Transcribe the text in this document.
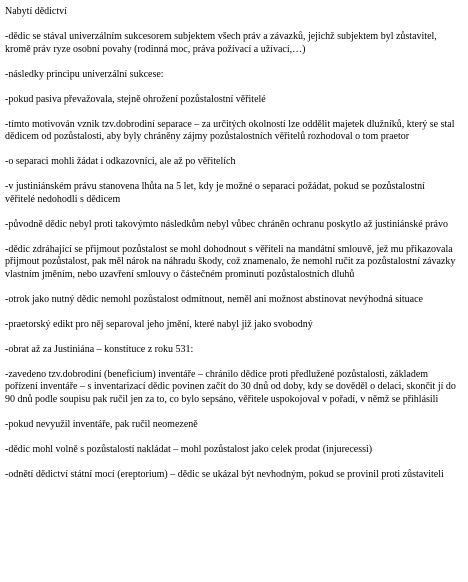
Nabytí dědictví

-dědic se stával univerzálním sukcesorem subjektem všech práv a závazků, jejichž subjektem byl zůstavitel, kromě práv ryze osobní povahy (rodinná moc, práva požívací a užívací,…)

-následky principu univerzální sukcese:

-pokud pasiva převažovala, stejně ohrožení pozůstalostní věřitelé

-tímto motivován vznik tzv.dobrodiní separace – za určitých okolností lze oddělit majetek dlužníků, který se stal dědicem od pozůstalosti, aby byly chráněny zájmy pozůstalostních věřitelů rozhodoval o tom praetor

-o separaci mohli žádat i odkazovníci, ale až po věřitelích

-v justiniánském právu stanovena lhůta na 5 let, kdy je možné o separaci požádat, pokud se pozůstalostní věřitelé nedohodli s dědicem

-původně dědic nebyl proti takovýmto následkům nebyl vůbec chráněn ochranu poskytlo až justiniánské právo

-dědic zdráhající se přijmout pozůstalost se mohl dohodnout s věřiteli na mandátní smlouvě, jež mu přikazovala přijmout pozůstalost, pak měl nárok na náhradu škody, což znamenalo, že nemohl ručit za pozůstalostní závazky vlastním jměním, nebo uzavření smlouvy o částečném prominutí pozůstalostních dluhů

-otrok jako nutný dědic nemohl pozůstalost odmítnout, neměl ani možnost abstinovat nevýhodná situace

-praetorský edikt pro něj separoval jeho jmění, které nabyl již jako svobodný

-obrat až za Justiniána – konstituce z roku 531:

-zavedeno tzv.dobrodiní (beneficium) inventáře – chránilo dědice proti předlužené pozůstalosti, základem pořízení inventáře – s inventarizací dědic povinen začít do 30 dnů od doby, kdy se dověděl o delaci, skončit jí do 90 dnů podle soupisu pak ručil jen za to, co bylo sepsáno, věřitele uspokojoval v pořadí, v němž se přihlásili

-pokud nevyužil inventáře, pak ručil neomezeně

-dědic mohl volně s pozůstalostí nakládat – mohl pozůstalost jako celek prodat (injurecessi)

-odnětí dědictví státní mocí (ereptorium) – dědic se ukázal být nevhodným, pokud se provinil proti zůstaviteli
